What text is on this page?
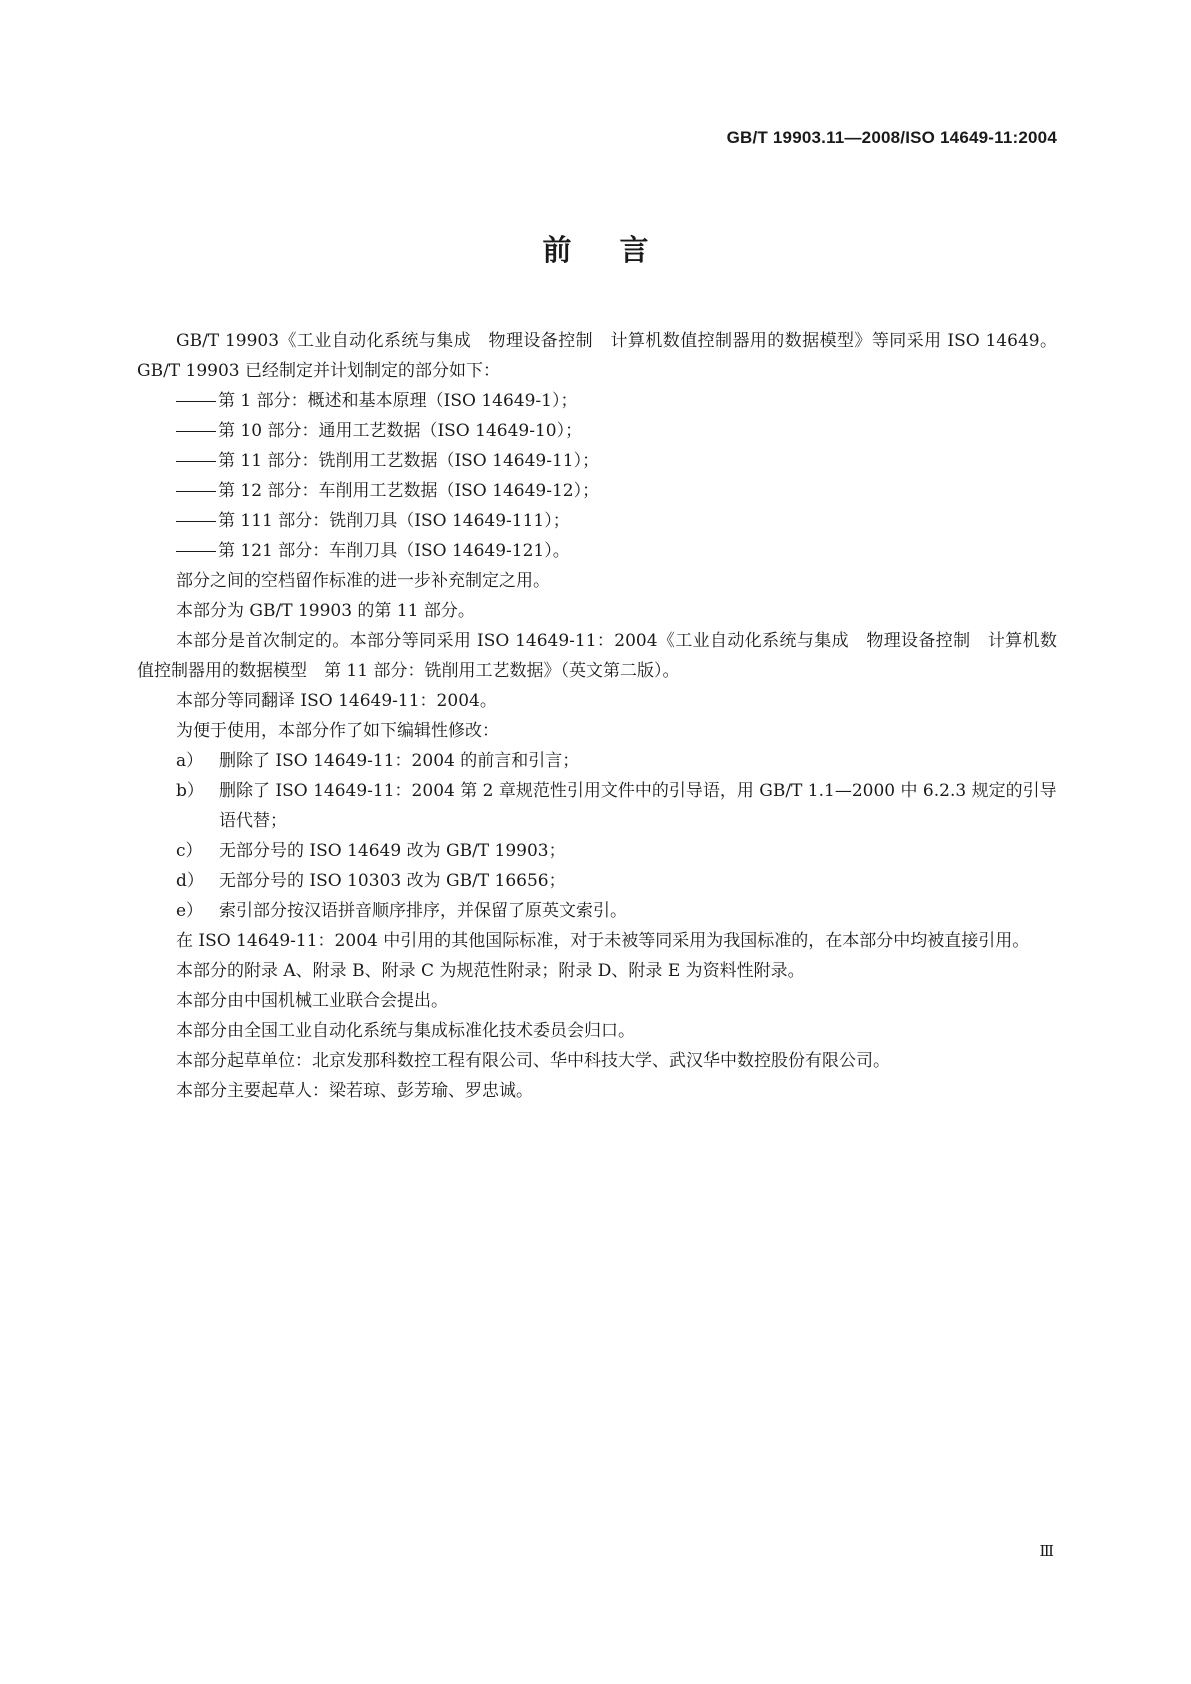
GB/T 19903.11—2008/ISO 14649-11:2004
前言

GB/T 19903《工业自动化系统与集成　物理设备控制　计算机数值控制器用的数据模型》等同采用 ISO 14649。GB/T 19903 已经制定并计划制定的部分如下：

第 1 部分：概述和基本原理（ISO 14649-1）；

第 10 部分：通用工艺数据（ISO 14649-10）；

第 11 部分：铣削用工艺数据（ISO 14649-11）；

第 12 部分：车削用工艺数据（ISO 14649-12）；

第 111 部分：铣削刀具（ISO 14649-111）；

第 121 部分：车削刀具（ISO 14649-121）。

部分之间的空档留作标准的进一步补充制定之用。

本部分为 GB/T 19903 的第 11 部分。

本部分是首次制定的。本部分等同采用 ISO 14649-11：2004《工业自动化系统与集成　物理设备控制　计算机数值控制器用的数据模型　第 11 部分：铣削用工艺数据》（英文第二版）。

本部分等同翻译 ISO 14649-11：2004。

为便于使用，本部分作了如下编辑性修改：

a） 删除了 ISO 14649-11：2004 的前言和引言；

b） 删除了 ISO 14649-11：2004 第 2 章规范性引用文件中的引导语，用 GB/T 1.1—2000 中 6.2.3 规定的引导语代替；

c） 无部分号的 ISO 14649 改为 GB/T 19903；

d） 无部分号的 ISO 10303 改为 GB/T 16656；

e） 索引部分按汉语拼音顺序排序，并保留了原英文索引。

在 ISO 14649-11：2004 中引用的其他国际标准，对于未被等同采用为我国标准的，在本部分中均被直接引用。

本部分的附录 A、附录 B、附录 C 为规范性附录；附录 D、附录 E 为资料性附录。

本部分由中国机械工业联合会提出。

本部分由全国工业自动化系统与集成标准化技术委员会归口。

本部分起草单位：北京发那科数控工程有限公司、华中科技大学、武汉华中数控股份有限公司。

本部分主要起草人：梁若琼、彭芳瑜、罗忠诚。

Ⅲ
